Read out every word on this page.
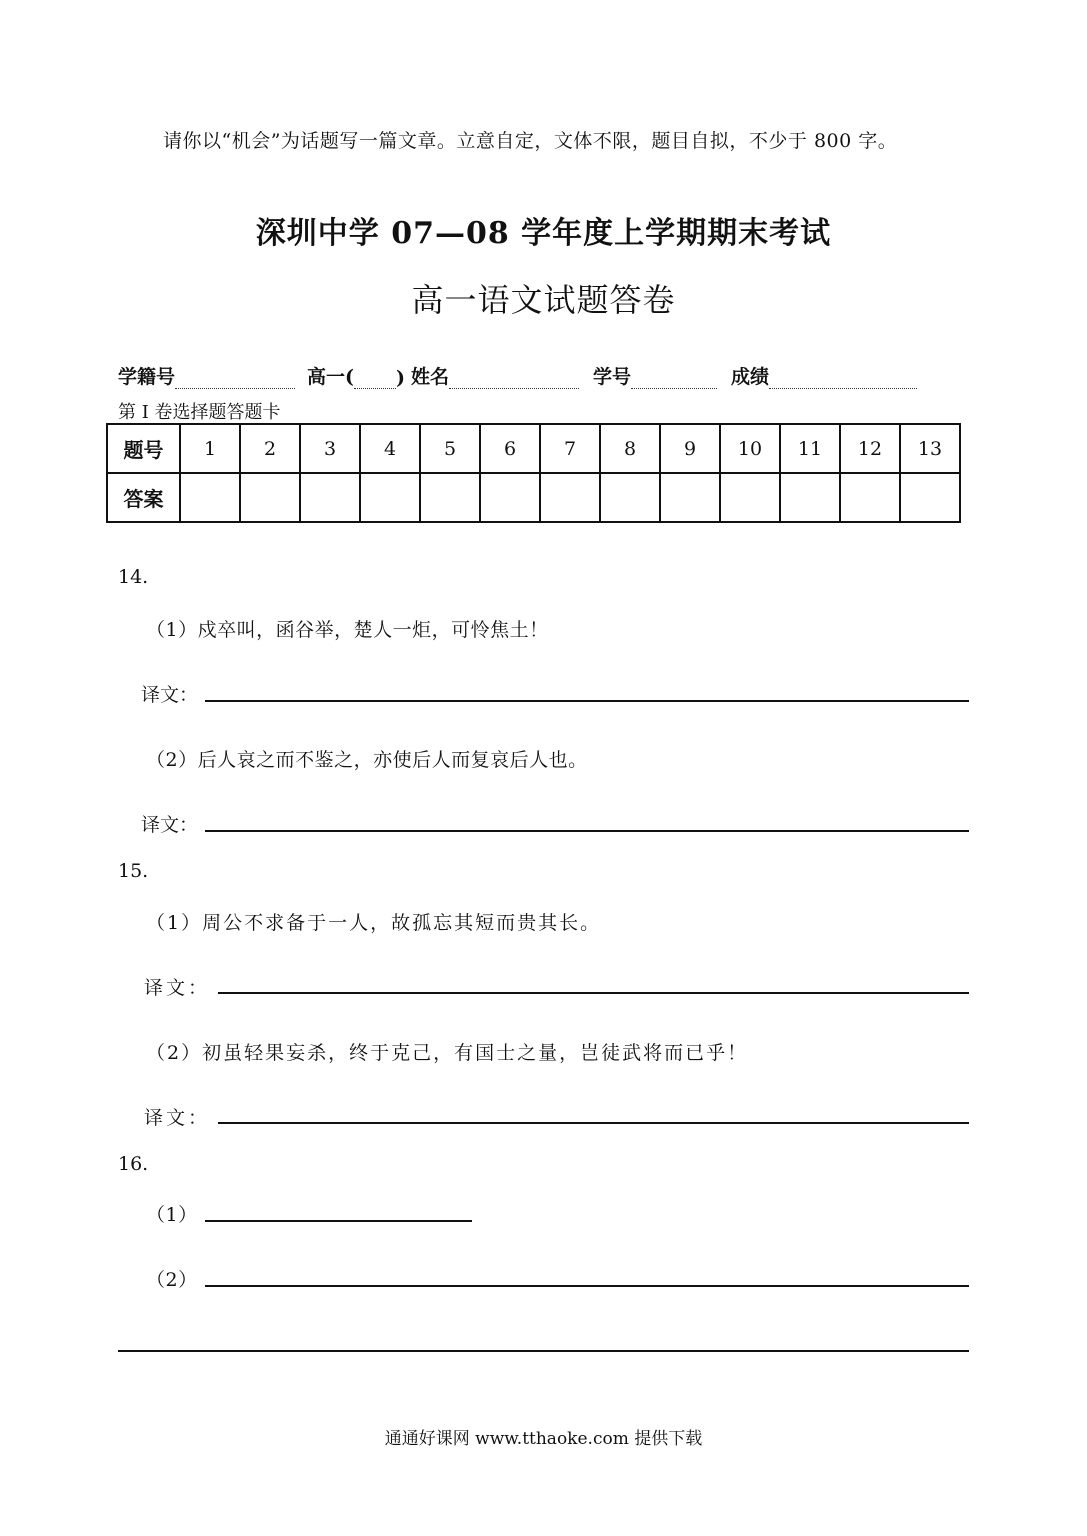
请你以“机会”为话题写一篇文章。立意自定，文体不限，题目自拟，不少于 800 字。
深圳中学 07—08 学年度上学期期末考试
高一语文试题答卷
学籍号	高一( ) 姓名	学号	成绩
第 I 卷选择题答题卡
题号	1	2	3	4	5	6	7	8	9	10	11	12	13
答案													
14.
（1）戍卒叫，函谷举，楚人一炬，可怜焦土！
译文：
（2）后人哀之而不鉴之，亦使后人而复哀后人也。
译文：
15.
（1）周公不求备于一人，故孤忘其短而贵其长。
译文：
（2）初虽轻果妄杀，终于克己，有国士之量，岂徒武将而已乎！
译文：
16.
（1）
（2）
通通好课网 www.tthaoke.com 提供下载
